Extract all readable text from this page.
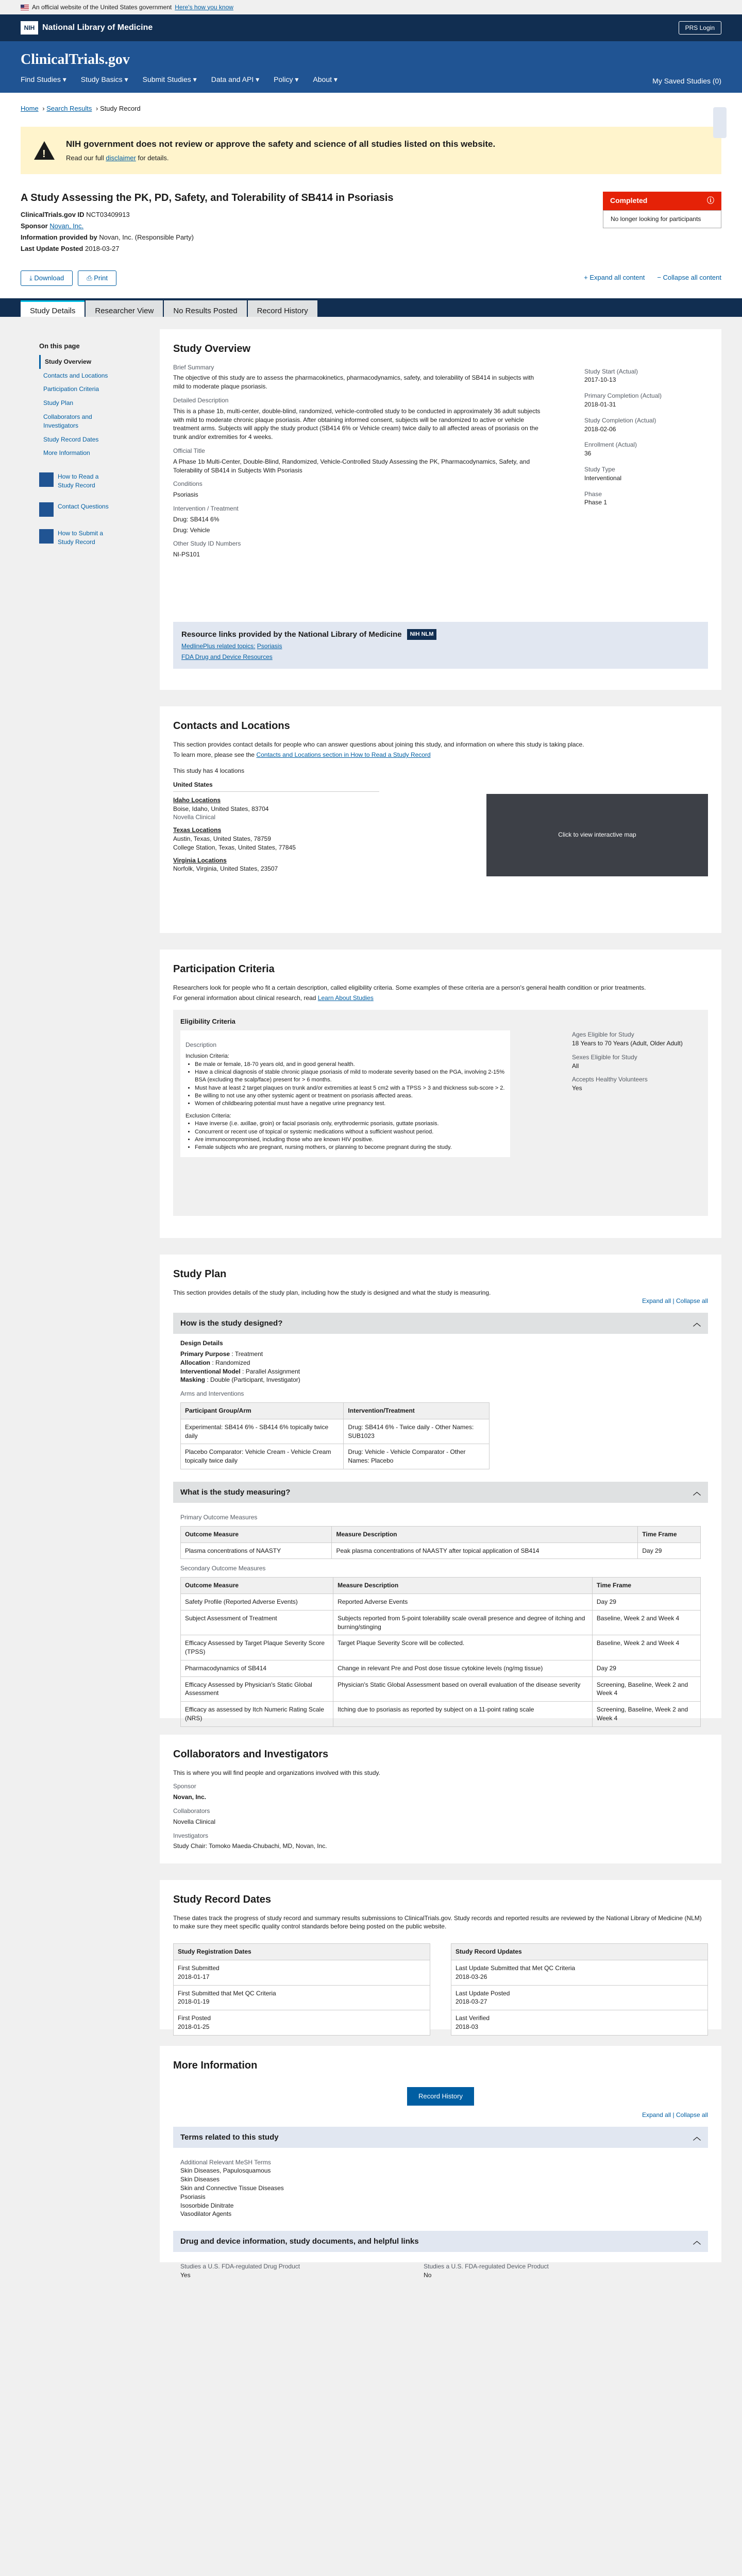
An official website of the United States government Here's how you know
NIH National Library of Medicine	PRS Login
ClinicalTrials.gov
Find Studies ▾	Study Basics ▾	Submit Studies ▾	Data and API ▾	Policy ▾	About ▾	My Saved Studies (0)
Home › Search Results › Study Record
!
NIH government does not review or approve the safety and science of all studies listed on this website.

Read our full disclaimer for details.

A Study Assessing the PK, PD, Safety, and Tolerability of SB414 in Psoriasis
ClinicalTrials.gov ID NCT03409913
Sponsor Novan, Inc.
Information provided by Novan, Inc. (Responsible Party)
Last Update Posted 2018-03-27
Completed	ⓘ
No longer looking for participants
⤓ Download	⎙ Print	+ Expand all content − Collapse all content
Study Details	Researcher View	No Results Posted	Record History
On this page
Study Overview
Contacts and Locations
Participation Criteria
Study Plan
Collaborators and Investigators
Study Record Dates
More Information
How to Read a Study Record
Contact Questions
How to Submit a Study Record
Study Overview
Brief Summary
The objective of this study are to assess the pharmacokinetics, pharmacodynamics, safety, and tolerability of SB414 in subjects with mild to moderate plaque psoriasis.
Detailed Description
This is a phase 1b, multi-center, double-blind, randomized, vehicle-controlled study to be conducted in approximately 36 adult subjects with mild to moderate chronic plaque psoriasis. After obtaining informed consent, subjects will be randomized to active or vehicle treatment arms. Subjects will apply the study product (SB414 6% or Vehicle cream) twice daily to all affected areas of psoriasis on the trunk and/or extremities for 4 weeks.
Official Title
A Phase 1b Multi-Center, Double-Blind, Randomized, Vehicle-Controlled Study Assessing the PK, Pharmacodynamics, Safety, and Tolerability of SB414 in Subjects With Psoriasis
Conditions
Psoriasis
Intervention / Treatment
Drug: SB414 6%
Drug: Vehicle
Other Study ID Numbers
NI-PS101
Study Start (Actual)
2017-10-13
Primary Completion (Actual)
2018-01-31
Study Completion (Actual)
2018-02-06
Enrollment (Actual)
36
Study Type
Interventional
Phase
Phase 1
Resource links provided by the National Library of Medicine	NIH NLM
MedlinePlus related topics: Psoriasis
FDA Drug and Device Resources
Contacts and Locations
This section provides contact details for people who can answer questions about joining this study, and information on where this study is taking place.
To learn more, please see the Contacts and Locations section in How to Read a Study Record
This study has 4 locations
United States
Idaho Locations
Boise, Idaho, United States, 83704
Novella Clinical
Texas Locations
Austin, Texas, United States, 78759
College Station, Texas, United States, 77845
Virginia Locations
Norfolk, Virginia, United States, 23507
Click to view interactive map
Participation Criteria
Researchers look for people who fit a certain description, called eligibility criteria. Some examples of these criteria are a person's general health condition or prior treatments.
For general information about clinical research, read Learn About Studies
Eligibility Criteria
Description
Inclusion Criteria:
• Be male or female, 18-70 years old, and in good general health.
• Have a clinical diagnosis of stable chronic plaque psoriasis of mild to moderate severity based on the PGA, involving 2-15% BSA (excluding the scalp/face) present for > 6 months.
• Must have at least 2 target plaques on trunk and/or extremities at least 5 cm2 with a TPSS > 3 and thickness sub-score > 2.
• Be willing to not use any other systemic agent or treatment on psoriasis affected areas.
• Women of childbearing potential must have a negative urine pregnancy test.
Exclusion Criteria:
• Have inverse (i.e. axillae, groin) or facial psoriasis only, erythrodermic psoriasis, guttate psoriasis.
• Concurrent or recent use of topical or systemic medications without a sufficient washout period.
• Are immunocompromised, including those who are known HIV positive.
• Female subjects who are pregnant, nursing mothers, or planning to become pregnant during the study.
Ages Eligible for Study
18 Years to 70 Years (Adult, Older Adult)
Sexes Eligible for Study
All
Accepts Healthy Volunteers
Yes
Study Plan
This section provides details of the study plan, including how the study is designed and what the study is measuring.
Expand all | Collapse all
How is the study designed?	︿
Design Details
Primary Purpose : Treatment
Allocation : Randomized
Interventional Model : Parallel Assignment
Masking : Double (Participant, Investigator)
Arms and Interventions
Participant Group/Arm	Intervention/Treatment
Experimental: SB414 6% - SB414 6% topically twice daily	Drug: SB414 6% - Twice daily - Other Names: SUB1023
Placebo Comparator: Vehicle Cream - Vehicle Cream topically twice daily	Drug: Vehicle - Vehicle Comparator - Other Names: Placebo
What is the study measuring?	︿
Primary Outcome Measures
Outcome Measure	Measure Description	Time Frame
Plasma concentrations of NAASTY	Peak plasma concentrations of NAASTY after topical application of SB414	Day 29
Secondary Outcome Measures
Outcome Measure	Measure Description	Time Frame
Safety Profile (Reported Adverse Events)	Reported Adverse Events	Day 29
Subject Assessment of Treatment	Subjects reported from 5-point tolerability scale overall presence and degree of itching and burning/stinging	Baseline, Week 2 and Week 4
Efficacy Assessed by Target Plaque Severity Score (TPSS)	Target Plaque Severity Score will be collected.	Baseline, Week 2 and Week 4
Pharmacodynamics of SB414	Change in relevant Pre and Post dose tissue cytokine levels (ng/mg tissue)	Day 29
Efficacy Assessed by Physician's Static Global Assessment	Physician's Static Global Assessment based on overall evaluation of the disease severity	Screening, Baseline, Week 2 and Week 4
Efficacy as assessed by Itch Numeric Rating Scale (NRS)	Itching due to psoriasis as reported by subject on a 11-point rating scale	Screening, Baseline, Week 2 and Week 4
Collaborators and Investigators
This is where you will find people and organizations involved with this study.
Sponsor
Novan, Inc.
Collaborators
Novella Clinical
Investigators
Study Chair: Tomoko Maeda-Chubachi, MD, Novan, Inc.
Study Record Dates
These dates track the progress of study record and summary results submissions to ClinicalTrials.gov. Study records and reported results are reviewed by the National Library of Medicine (NLM) to make sure they meet specific quality control standards before being posted on the public website.
Study Registration Dates
First Submitted
2018-01-17
First Submitted that Met QC Criteria
2018-01-19
First Posted
2018-01-25
Study Record Updates
Last Update Submitted that Met QC Criteria
2018-03-26
Last Update Posted
2018-03-27
Last Verified
2018-03
More Information
Record History
Expand all | Collapse all
Terms related to this study	︿
Additional Relevant MeSH Terms
Skin Diseases, Papulosquamous
Skin Diseases
Skin and Connective Tissue Diseases
Psoriasis
Isosorbide Dinitrate
Vasodilator Agents
Drug and device information, study documents, and helpful links	︿
Studies a U.S. FDA-regulated Drug Product
Yes
Studies a U.S. FDA-regulated Device Product
No
